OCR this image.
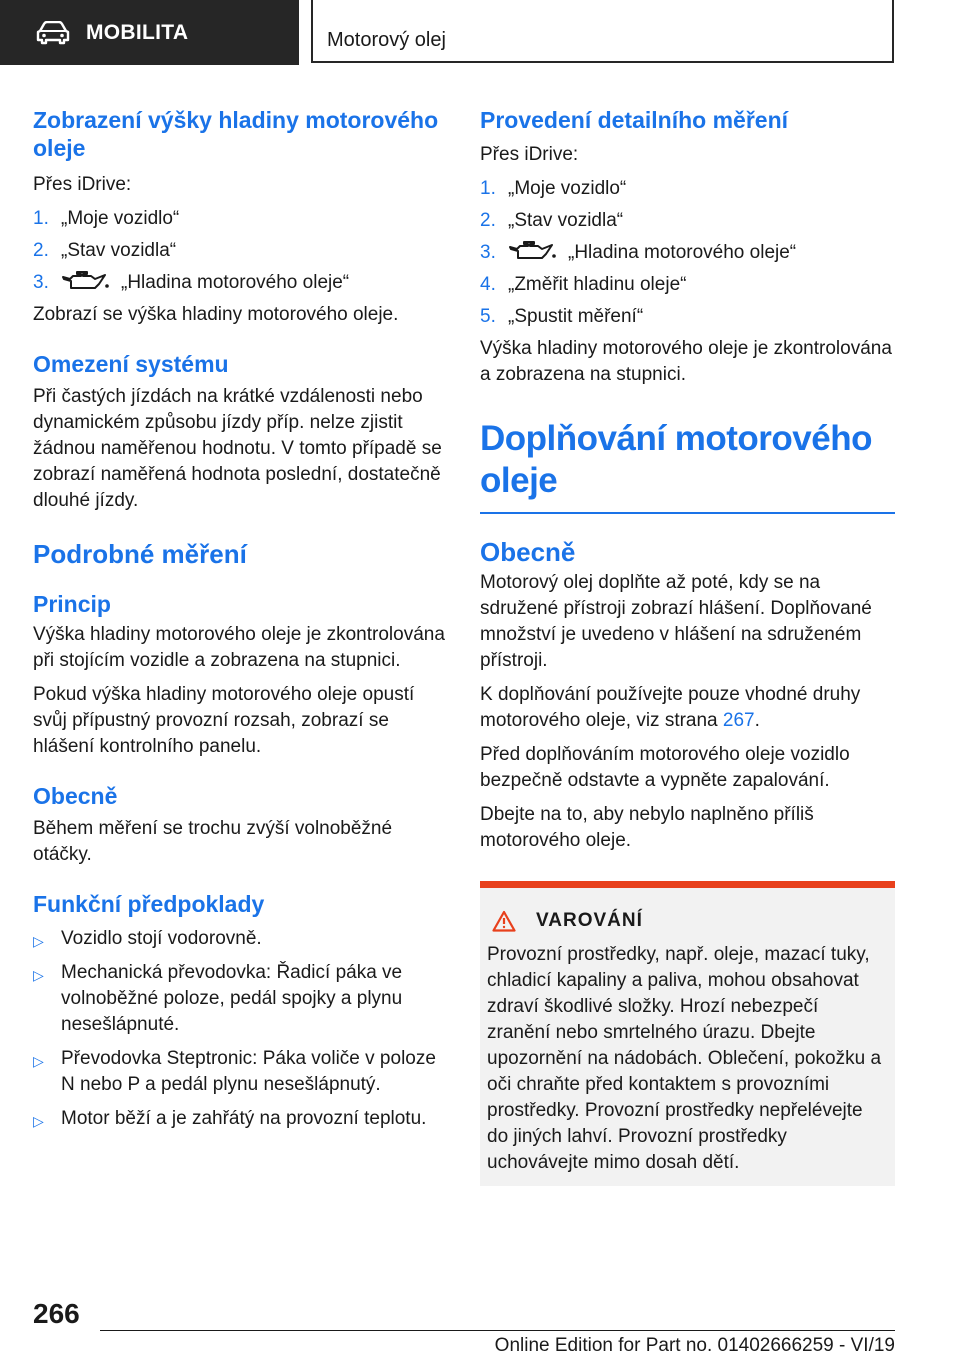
MOBILITA	Motorový olej
Zobrazení výšky hladiny motorového oleje

Přes iDrive:

1. „Moje vozidlo“
2. „Stav vozidla“
3.	„Hladina motorového oleje“

Zobrazí se výška hladiny motorového oleje.

Omezení systému

Při častých jízdách na krátké vzdálenosti nebo dynamickém způsobu jízdy příp. nelze zjistit žádnou naměřenou hodnotu. V tomto případě se zobrazí naměřená hodnota poslední, dostatečně dlouhé jízdy.

Podrobné měření
Princip

Výška hladiny motorového oleje je zkontrolována při stojícím vozidle a zobrazena na stupnici.

Pokud výška hladiny motorového oleje opustí svůj přípustný provozní rozsah, zobrazí se hlášení kontrolního panelu.

Obecně

Během měření se trochu zvýší volnoběžné otáčky.

Funkční předpoklady
▷ Vozidlo stojí vodorovně.
▷ Mechanická převodovka: Řadicí páka ve volnoběžné poloze, pedál spojky a plynu nesešlápnuté.
▷ Převodovka Steptronic: Páka voliče v poloze N nebo P a pedál plynu nesešlápnutý.
▷ Motor běží a je zahřátý na provozní teplotu.
Provedení detailního měření

Přes iDrive:

1. „Moje vozidlo“
2. „Stav vozidla“
3.	„Hladina motorového oleje“
4. „Změřit hladinu oleje“
5. „Spustit měření“

Výška hladiny motorového oleje je zkontrolována a zobrazena na stupnici.

Doplňování motorového oleje
Obecně

Motorový olej doplňte až poté, kdy se na sdružené přístroji zobrazí hlášení. Doplňované množství je uvedeno v hlášení na sdruženém přístroji.

K doplňování používejte pouze vhodné druhy motorového oleje, viz strana 267.

Před doplňováním motorového oleje vozidlo bezpečně odstavte a vypněte zapalování.

Dbejte na to, aby nebylo naplněno příliš motorového oleje.

VAROVÁNÍ
Provozní prostředky, např. oleje, mazací tuky, chladicí kapaliny a paliva, mohou obsahovat zdraví škodlivé složky. Hrozí nebezpečí zranění nebo smrtelného úrazu. Dbejte upozornění na nádobách. Oblečení, pokožku a oči chraňte před kontaktem s provozními prostředky. Provozní prostředky nepřelévejte do jiných lahví. Provozní prostředky uchovávejte mimo dosah dětí.
266
Online Edition for Part no. 01402666259 - VI/19
